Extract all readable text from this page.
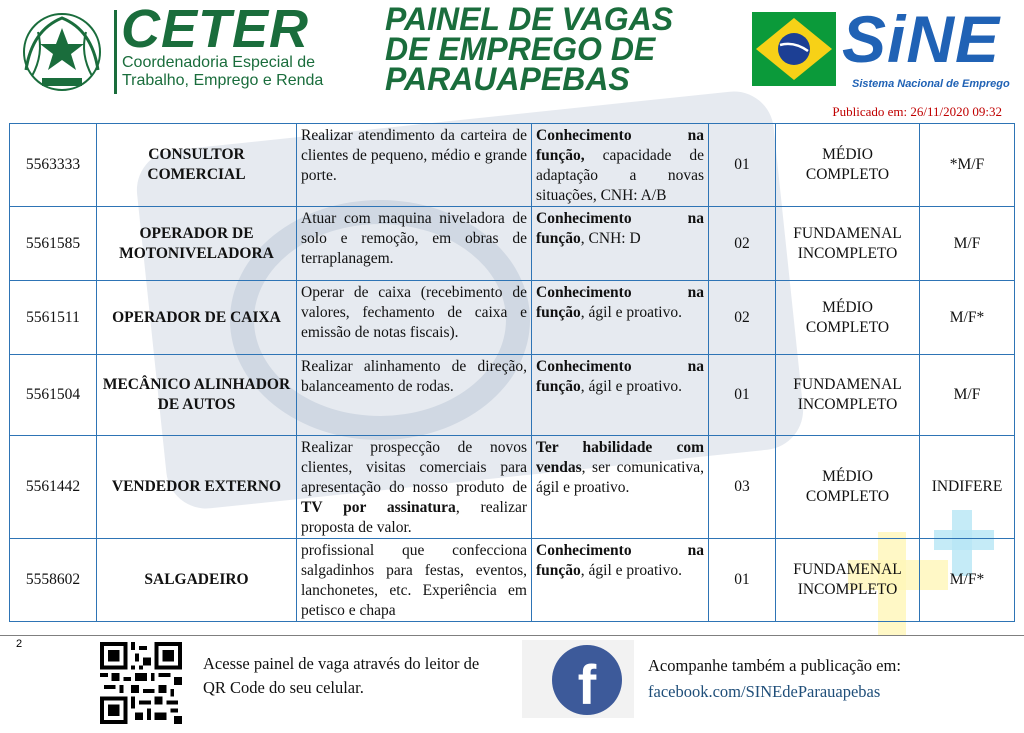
CETER
Coordenadoria Especial de
Trabalho, Emprego e Renda
PAINEL DE VAGAS
DE EMPREGO DE
PARAUAPEBAS
SiNE
Sistema Nacional de Emprego
Publicado em: 26/11/2020 09:32
5563333	CONSULTOR COMERCIAL	Realizar atendimento da carteira de clientes de pequeno, médio e grande porte.	Conhecimento na função, capacidade de adaptação a novas situações, CNH: A/B	01	MÉDIO COMPLETO	*M/F
5561585	OPERADOR DE MOTONIVELADORA	Atuar com maquina niveladora de solo e remoção, em obras de terraplanagem.	Conhecimento na função, CNH: D	02	FUNDAMENAL INCOMPLETO	M/F
5561511	OPERADOR DE CAIXA	Operar de caixa (recebimento de valores, fechamento de caixa e emissão de notas fiscais).	Conhecimento na função, ágil e proativo.	02	MÉDIO COMPLETO	M/F*
5561504	MECÂNICO ALINHADOR DE AUTOS	Realizar alinhamento de direção, balanceamento de rodas.	Conhecimento na função, ágil e proativo.	01	FUNDAMENAL INCOMPLETO	M/F
5561442	VENDEDOR EXTERNO	Realizar prospecção de novos clientes, visitas comerciais para apresentação do nosso produto de TV por assinatura, realizar proposta de valor.	Ter habilidade com vendas, ser comunicativa, ágil e proativo.	03	MÉDIO COMPLETO	INDIFERE
5558602	SALGADEIRO	profissional que confecciona salgadinhos para festas, eventos, lanchonetes, etc. Experiência em petisco e chapa	Conhecimento na função, ágil e proativo.	01	FUNDAMENAL INCOMPLETO	M/F*
2
Acesse painel de vaga através do leitor de QR Code do seu celular.	f	Acompanhe também a publicação em:
facebook.com/SINEdeParauapebas
